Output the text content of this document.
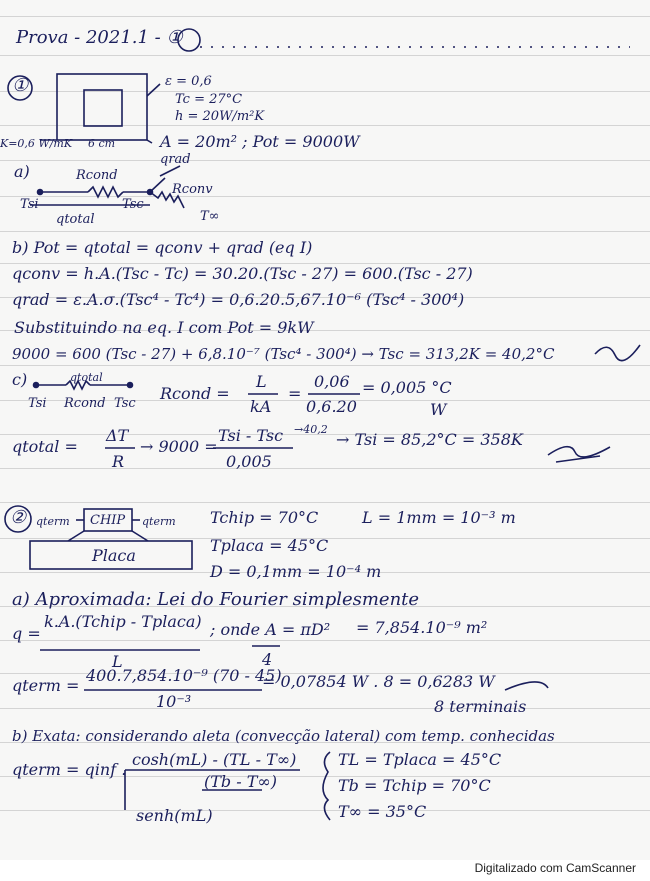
Prova - 2021.1 - ①
①	ε = 0,6
Tc = 27°C
h = 20W/m²K
A = 20m² ; Pot = 9000W
K=0,6 W/mK 6 cm
a)	Rcond
qrad
Rconv
Tsi	Tsc
T∞
qtotal
b) Pot = qtotal = qconv + qrad (eq I)
qconv = h.A.(Tsc - Tc) = 30.20.(Tsc - 27) = 600.(Tsc - 27)
qrad = ε.A.σ.(Tsc⁴ - Tc⁴) = 0,6.20.5,67.10⁻⁶ (Tsc⁴ - 300⁴)
Substituindo na eq. I com Pot = 9kW
9000 = 600 (Tsc - 27) + 6,8.10⁻⁷ (Tsc⁴ - 300⁴) → Tsc = 313,2K = 40,2°C
c)	qtotal
Tsi Rcond Tsc
Rcond =
L
kA
=
0,06
0,6.20
= 0,005 °C
W
qtotal =
ΔT
R
→ 9000 =
Tsi - Tsc →40,2
0,005
→ Tsi = 85,2°C = 358K
② qterm CHIP qterm
Placa
Tchip = 70°C	L = 1mm = 10⁻³ m
Tplaca = 45°C
D = 0,1mm = 10⁻⁴ m
a) Aproximada: Lei do Fourier simplesmente
q =
k.A.(Tchip - Tplaca)
L
; onde A = πD²
4
= 7,854.10⁻⁹ m²
qterm =
400.7,854.10⁻⁹ (70 - 45)
10⁻³
= 0,07854 W . 8 = 0,6283 W
8 terminais
b) Exata: considerando aleta (convecção lateral) com temp. conhecidas
qterm = qinf .
cosh(mL) - (TL - T∞)
(Tb - T∞)
senh(mL)
TL = Tplaca = 45°C
Tb = Tchip = 70°C
T∞ = 35°C
Digitalizado com CamScanner
